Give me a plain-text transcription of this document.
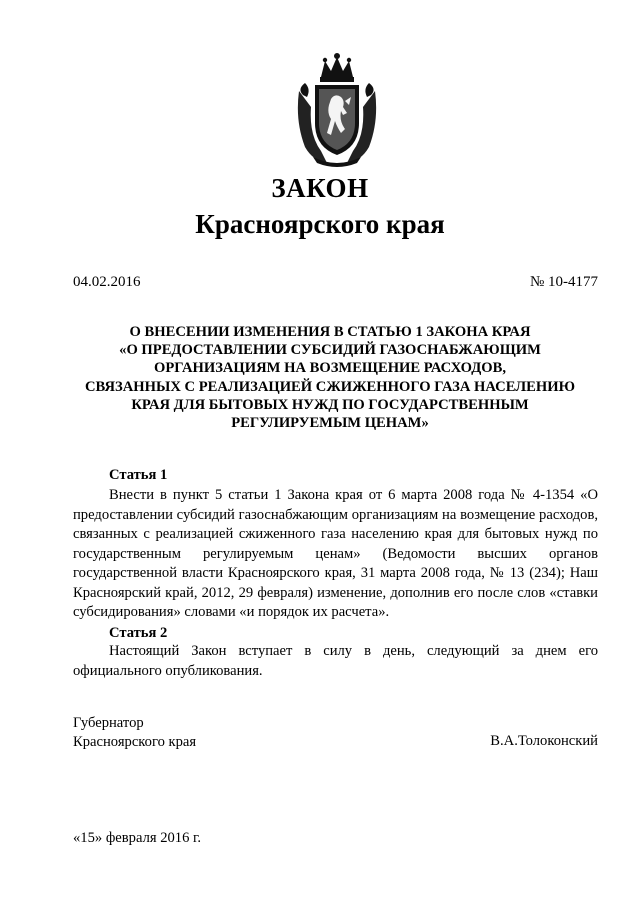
ЗАКОН
Красноярского края
04.02.2016	№ 10-4177
О ВНЕСЕНИИ ИЗМЕНЕНИЯ В СТАТЬЮ 1 ЗАКОНА КРАЯ
«О ПРЕДОСТАВЛЕНИИ СУБСИДИЙ ГАЗОСНАБЖАЮЩИМ
ОРГАНИЗАЦИЯМ НА ВОЗМЕЩЕНИЕ РАСХОДОВ,
СВЯЗАННЫХ С РЕАЛИЗАЦИЕЙ СЖИЖЕННОГО ГАЗА НАСЕЛЕНИЮ
КРАЯ ДЛЯ БЫТОВЫХ НУЖД ПО ГОСУДАРСТВЕННЫМ
РЕГУЛИРУЕМЫМ ЦЕНАМ»
Статья 1

Внести в пункт 5 статьи 1 Закона края от 6 марта 2008 года № 4-1354 «О предоставлении субсидий газоснабжающим организациям на возмещение расходов, связанных с реализацией сжиженного газа населению края для бытовых нужд по государственным регулируемым ценам» (Ведомости высших органов государственной власти Красноярского края, 31 марта 2008 года, № 13 (234); Наш Красноярский край, 2012, 29 февраля) изменение, дополнив его после слов «ставки субсидирования» словами «и порядок их расчета».

Статья 2

Настоящий Закон вступает в силу в день, следующий за днем его официального опубликования.

Губернатор
Красноярского края	В.А.Толоконский
«15» февраля 2016 г.
